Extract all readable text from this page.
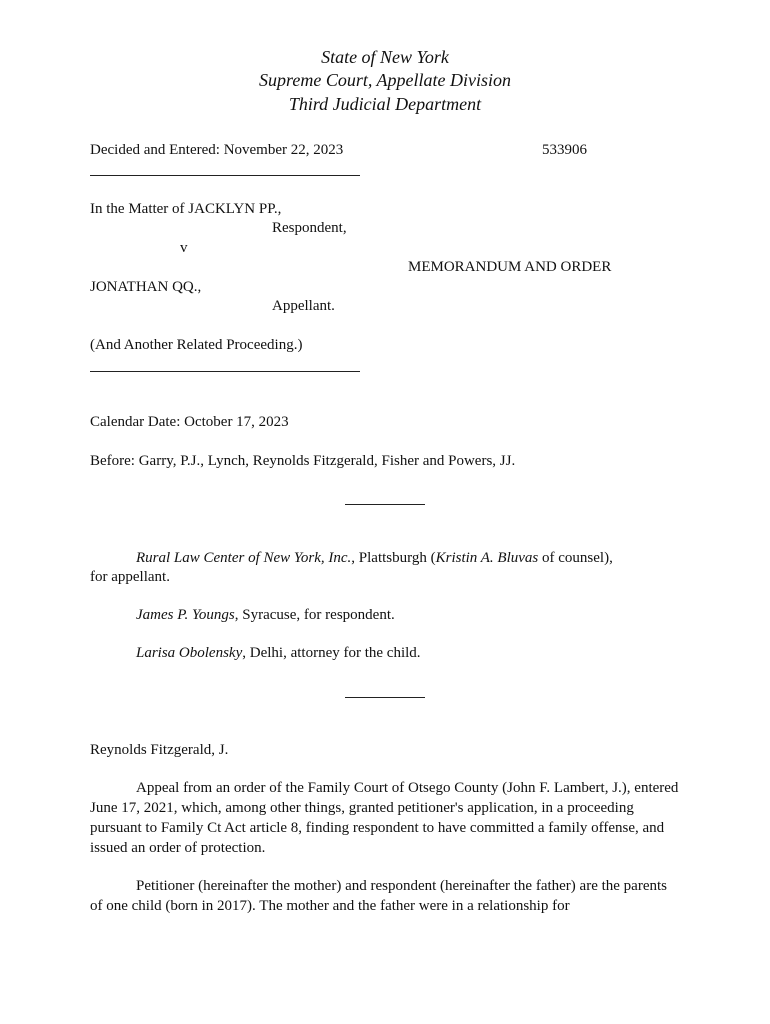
State of New York
Supreme Court, Appellate Division
Third Judicial Department
Decided and Entered: November 22, 2023	533906
In the Matter of JACKLYN PP.,
Respondent,
v
MEMORANDUM AND ORDER
JONATHAN QQ.,
Appellant.
(And Another Related Proceeding.)
Calendar Date: October 17, 2023
Before: Garry, P.J., Lynch, Reynolds Fitzgerald, Fisher and Powers, JJ.
Rural Law Center of New York, Inc., Plattsburgh (Kristin A. Bluvas of counsel),
for appellant.
James P. Youngs, Syracuse, for respondent.
Larisa Obolensky, Delhi, attorney for the child.
Reynolds Fitzgerald, J.
Appeal from an order of the Family Court of Otsego County (John F. Lambert, J.), entered June 17, 2021, which, among other things, granted petitioner's application, in a proceeding pursuant to Family Ct Act article 8, finding respondent to have committed a family offense, and issued an order of protection.
Petitioner (hereinafter the mother) and respondent (hereinafter the father) are the parents of one child (born in 2017). The mother and the father were in a relationship for
